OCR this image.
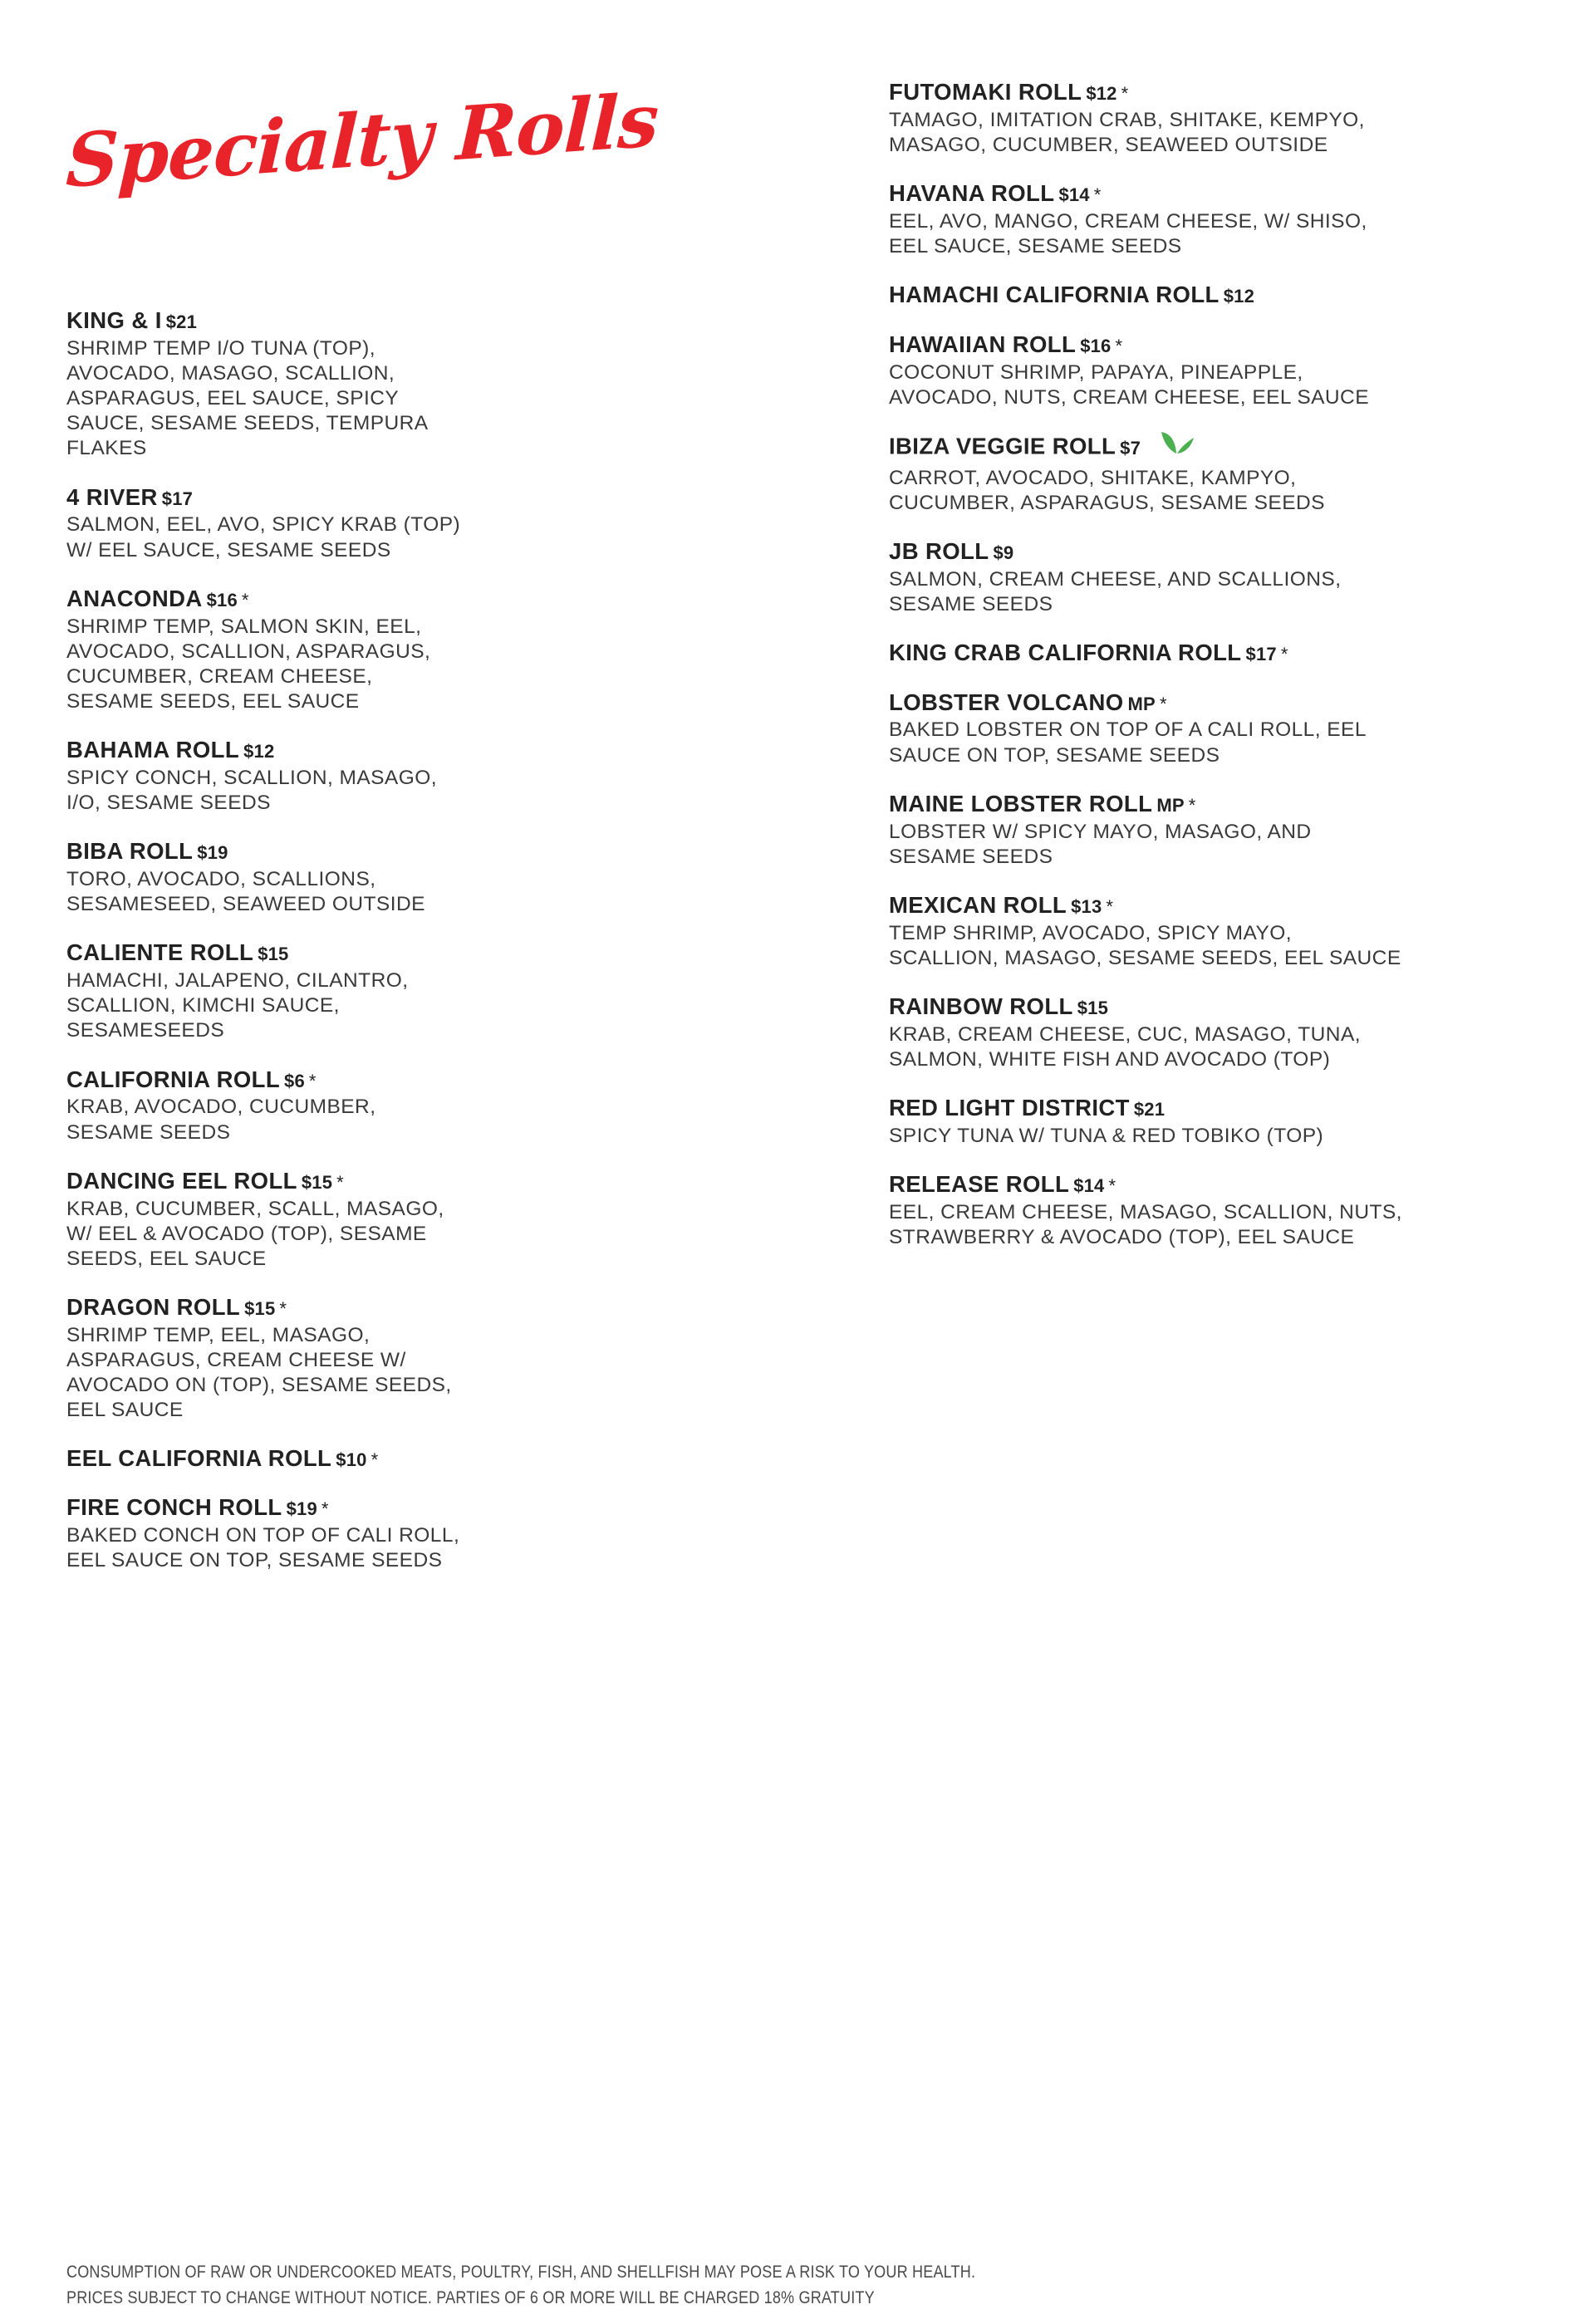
Specialty Rolls
KING & I $21
SHRIMP TEMP I/O TUNA (TOP), AVOCADO, MASAGO, SCALLION, ASPARAGUS, EEL SAUCE, SPICY SAUCE, SESAME SEEDS, TEMPURA FLAKES
4 RIVER $17
SALMON, EEL, AVO, SPICY KRAB (TOP) W/ EEL SAUCE, SESAME SEEDS
ANACONDA $16 *
SHRIMP TEMP, SALMON SKIN, EEL, AVOCADO, SCALLION, ASPARAGUS, CUCUMBER, CREAM CHEESE, SESAME SEEDS, EEL SAUCE
BAHAMA ROLL $12
SPICY CONCH, SCALLION, MASAGO, I/O, SESAME SEEDS
BIBA ROLL $19
TORO, AVOCADO, SCALLIONS, SESAMESEED, SEAWEED OUTSIDE
CALIENTE ROLL $15
HAMACHI, JALAPENO, CILANTRO, SCALLION, KIMCHI SAUCE, SESAMESEEDS
CALIFORNIA ROLL $6 *
KRAB, AVOCADO, CUCUMBER, SESAME SEEDS
DANCING EEL ROLL $15 *
KRAB, CUCUMBER, SCALL, MASAGO, W/ EEL & AVOCADO (TOP), SESAME SEEDS, EEL SAUCE
DRAGON ROLL $15 *
SHRIMP TEMP, EEL, MASAGO, ASPARAGUS, CREAM CHEESE W/ AVOCADO ON (TOP), SESAME SEEDS, EEL SAUCE
EEL CALIFORNIA ROLL $10 *
FIRE CONCH ROLL $19 *
BAKED CONCH ON TOP OF CALI ROLL, EEL SAUCE ON TOP, SESAME SEEDS
FUTOMAKI ROLL $12 *
TAMAGO, IMITATION CRAB, SHITAKE, KEMPYO, MASAGO, CUCUMBER, SEAWEED OUTSIDE
HAVANA ROLL $14 *
EEL, AVO, MANGO, CREAM CHEESE, W/ SHISO, EEL SAUCE, SESAME SEEDS
HAMACHI CALIFORNIA ROLL $12
HAWAIIAN ROLL $16 *
COCONUT SHRIMP, PAPAYA, PINEAPPLE, AVOCADO, NUTS, CREAM CHEESE, EEL SAUCE
IBIZA VEGGIE ROLL $7
CARROT, AVOCADO, SHITAKE, KAMPYO, CUCUMBER, ASPARAGUS, SESAME SEEDS
JB ROLL $9
SALMON, CREAM CHEESE, AND SCALLIONS, SESAME SEEDS
KING CRAB CALIFORNIA ROLL $17 *
LOBSTER VOLCANO MP *
BAKED LOBSTER ON TOP OF A CALI ROLL, EEL SAUCE ON TOP, SESAME SEEDS
MAINE LOBSTER ROLL MP *
LOBSTER W/ SPICY MAYO, MASAGO, AND SESAME SEEDS
MEXICAN ROLL $13 *
TEMP SHRIMP, AVOCADO, SPICY MAYO, SCALLION, MASAGO, SESAME SEEDS, EEL SAUCE
RAINBOW ROLL $15
KRAB, CREAM CHEESE, CUC, MASAGO, TUNA, SALMON, WHITE FISH AND AVOCADO (TOP)
RED LIGHT DISTRICT $21
SPICY TUNA W/ TUNA & RED TOBIKO (TOP)
RELEASE ROLL $14 *
EEL, CREAM CHEESE, MASAGO, SCALLION, NUTS, STRAWBERRY & AVOCADO (TOP), EEL SAUCE
CONSUMPTION OF RAW OR UNDERCOOKED MEATS, POULTRY, FISH, AND SHELLFISH MAY POSE A RISK TO YOUR HEALTH.
PRICES SUBJECT TO CHANGE WITHOUT NOTICE. PARTIES OF 6 OR MORE WILL BE CHARGED 18% GRATUITY
